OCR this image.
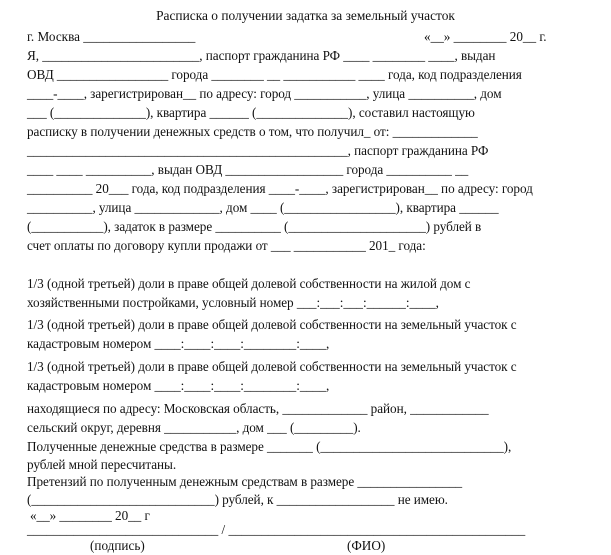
Расписка о получении задатка за земельный участок
г. Москва _________________	«__» ________ 20__ г.
Я, ________________________, паспорт гражданина РФ ____ ________ ____, выдан
ОВД _________________ города ________ __ ___________ ____ года, код подразделения
____-____, зарегистрирован__ по адресу: город ___________, улица __________, дом
___ (______________), квартира ______ (______________), составил настоящую
расписку в получении денежных средств о том, что получил_ от: _____________
_________________________________________________, паспорт гражданина РФ
____ ____ __________, выдан ОВД __________________ города __________ __
__________ 20___ года, код подразделения ____-____, зарегистрирован__ по адресу: город
__________, улица _____________, дом ____ (_________________), квартира ______
(___________), задаток в размере __________ (_____________________) рублей в
счет оплаты по договору купли продажи от ___ ___________ 201_ года:
1/3 (одной третьей) доли в праве общей долевой собственности на жилой дом с
хозяйственными постройками, условный номер ___:___:___:______:____,
1/3 (одной третьей) доли в праве общей долевой собственности на земельный участок с
кадастровым номером ____:____:____:________:____,
1/3 (одной третьей) доли в праве общей долевой собственности на земельный участок с
кадастровым номером ____:____:____:________:____,
находящиеся по адресу: Московская область, _____________ район, ____________
сельский округ, деревня ___________, дом ___ (_________).
Полученные денежные средства в размере _______ (____________________________),
рублей мной пересчитаны.
Претензий по полученным денежным средствам в размере ________________
(____________________________) рублей, к __________________ не имею.
«__» ________ 20__ г
_____________________________ / _____________________________________________
(подпись)	(ФИО)
